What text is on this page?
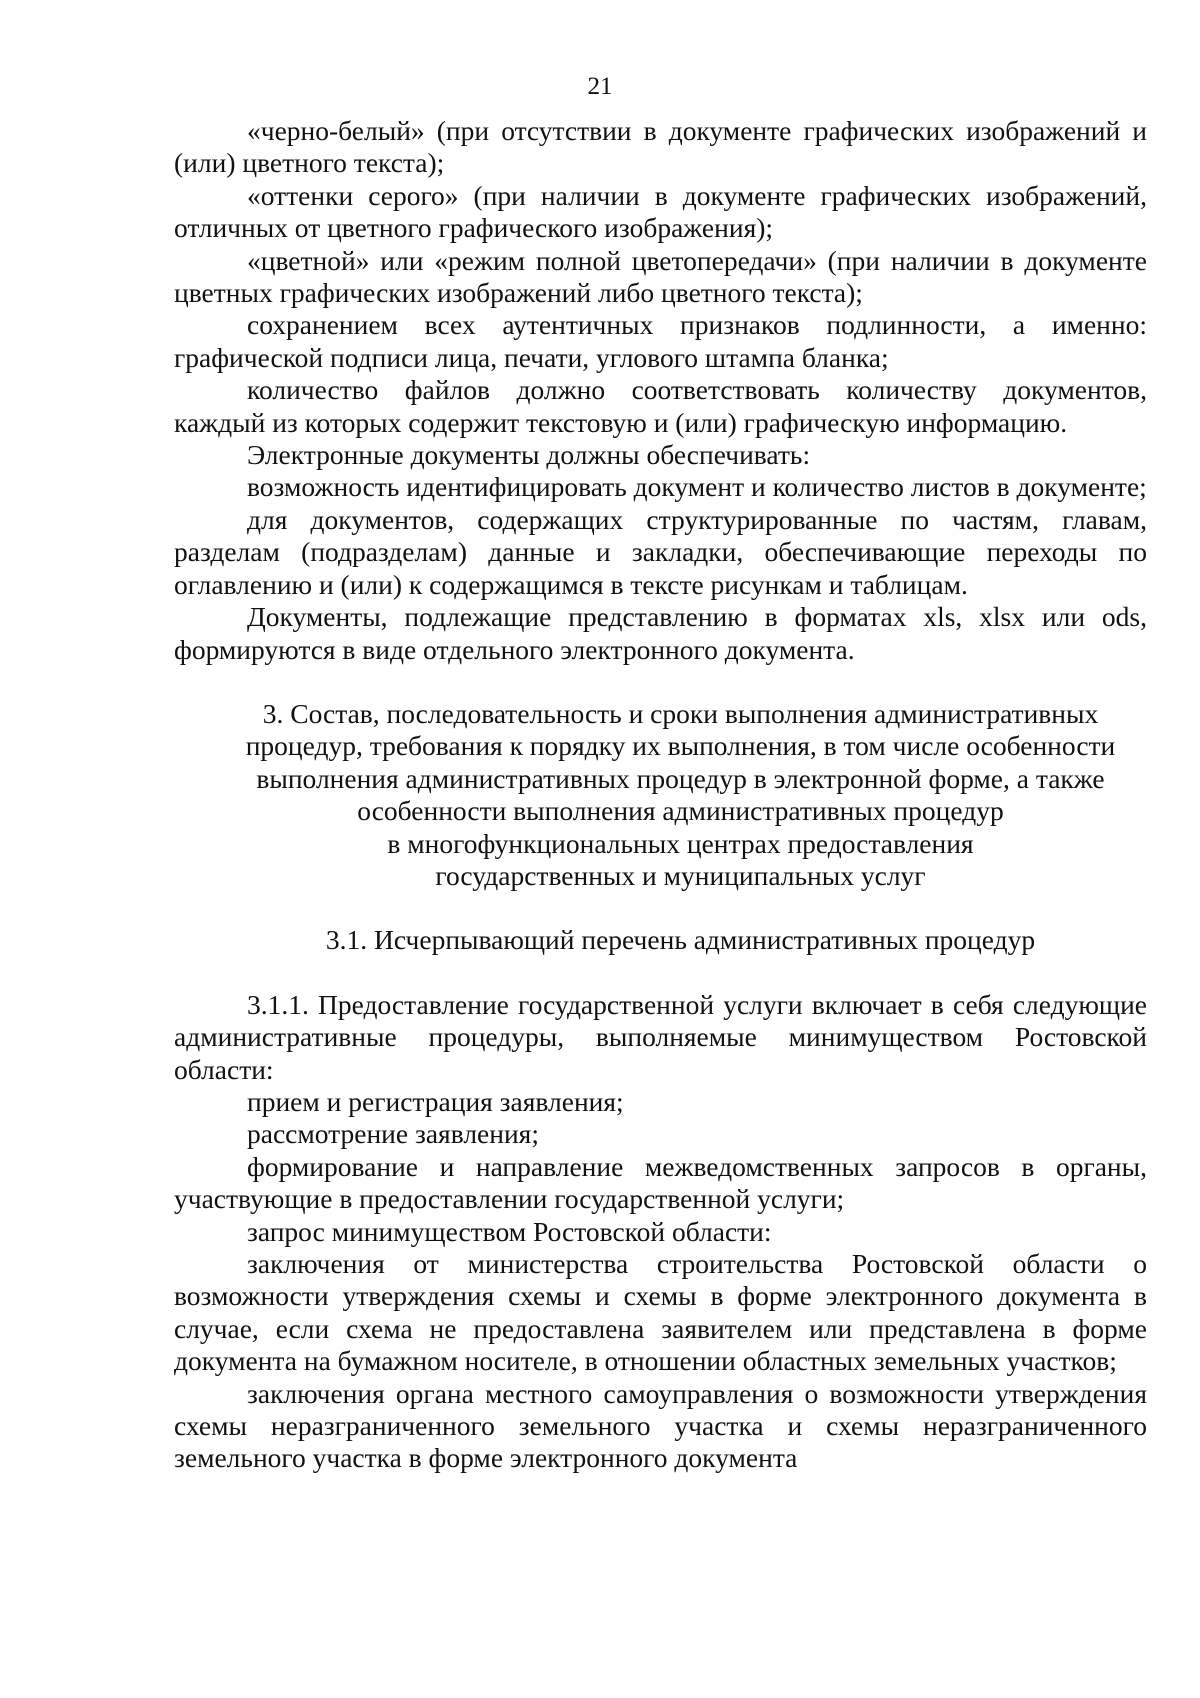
21

«черно-белый» (при отсутствии в документе графических изображений и (или) цветного текста);

«оттенки серого» (при наличии в документе графических изображений, отличных от цветного графического изображения);

«цветной» или «режим полной цветопередачи» (при наличии в документе цветных графических изображений либо цветного текста);

сохранением всех аутентичных признаков подлинности, а именно: графической подписи лица, печати, углового штампа бланка;

количество файлов должно соответствовать количеству документов, каждый из которых содержит текстовую и (или) графическую информацию.

Электронные документы должны обеспечивать:

возможность идентифицировать документ и количество листов в документе;

для документов, содержащих структурированные по частям, главам, разделам (подразделам) данные и закладки, обеспечивающие переходы по оглавлению и (или) к содержащимся в тексте рисункам и таблицам.

Документы, подлежащие представлению в форматах xls, xlsx или ods, формируются в виде отдельного электронного документа.

3. Состав, последовательность и сроки выполнения административных
процедур, требования к порядку их выполнения, в том числе особенности
выполнения административных процедур в электронной форме, а также
особенности выполнения административных процедур
в многофункциональных центрах предоставления
государственных и муниципальных услуг
3.1. Исчерпывающий перечень административных процедур

3.1.1. Предоставление государственной услуги включает в себя следующие административные процедуры, выполняемые минимуществом Ростовской области:

прием и регистрация заявления;

рассмотрение заявления;

формирование и направление межведомственных запросов в органы, участвующие в предоставлении государственной услуги;

запрос минимуществом Ростовской области:

заключения от министерства строительства Ростовской области о возможности утверждения схемы и схемы в форме электронного документа в случае, если схема не предоставлена заявителем или представлена в форме документа на бумажном носителе, в отношении областных земельных участков;

заключения органа местного самоуправления о возможности утверждения схемы неразграниченного земельного участка и схемы неразграниченного земельного участка в форме электронного документа
